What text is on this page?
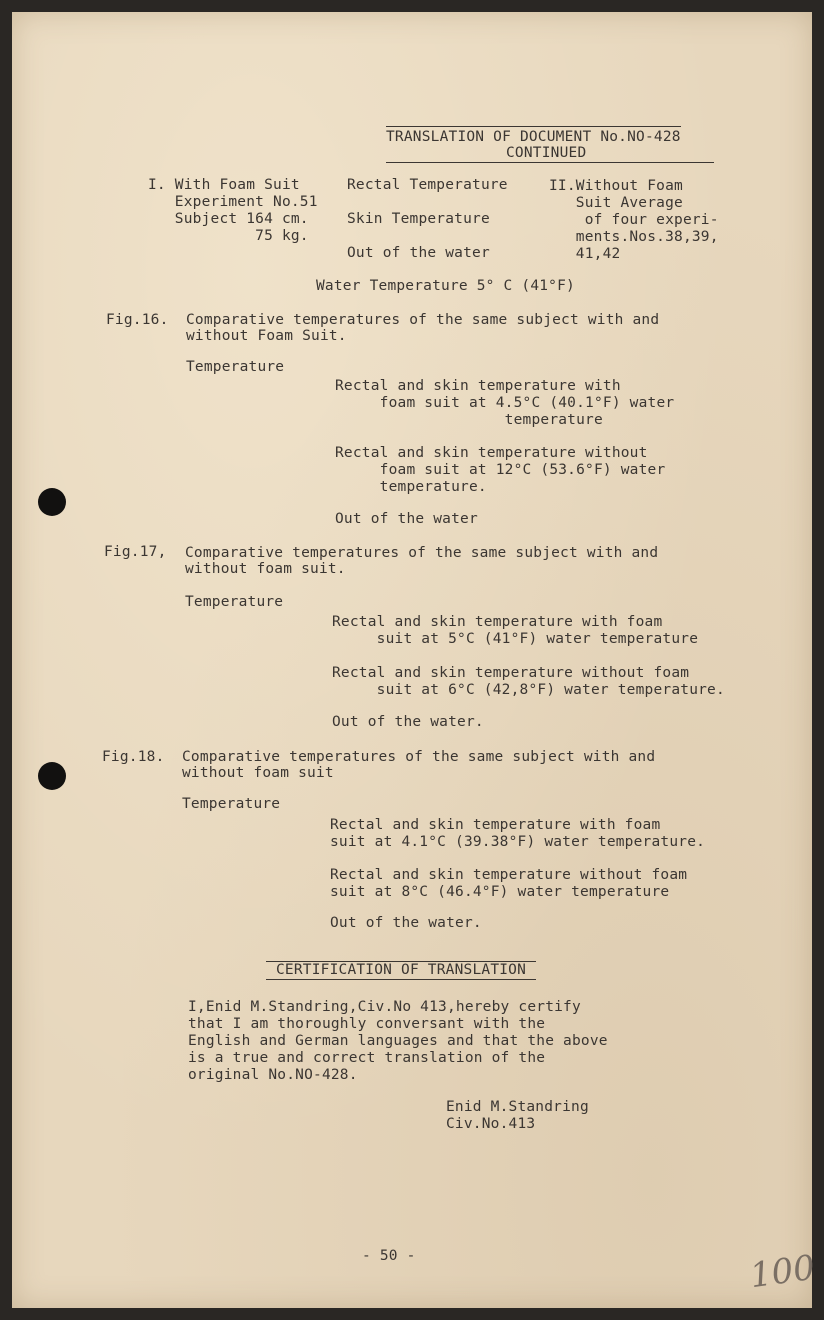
TRANSLATION OF DOCUMENT No.NO-428
CONTINUED
I. With Foam Suit
Experiment No.51
Subject 164 cm.
75 kg.
Rectal Temperature
Skin Temperature
Out of the water
II.Without Foam
Suit Average
of four experi-
ments.Nos.38,39,
41,42
Water Temperature 5° C (41°F)
Fig.16. Comparative temperatures of the same subject with and
without Foam Suit.
Temperature
Rectal and skin temperature with
foam suit at 4.5°C (40.1°F) water
temperature
Rectal and skin temperature without
foam suit at 12°C (53.6°F) water
temperature.
Out of the water
Fig.17, Comparative temperatures of the same subject with and
without foam suit.
Temperature
Rectal and skin temperature with foam
suit at 5°C (41°F) water temperature
Rectal and skin temperature without foam
suit at 6°C (42,8°F) water temperature.
Out of the water.
Fig.18. Comparative temperatures of the same subject with and
without foam suit
Temperature
Rectal and skin temperature with foam
suit at 4.1°C (39.38°F) water temperature.
Rectal and skin temperature without foam
suit at 8°C (46.4°F) water temperature
Out of the water.
CERTIFICATION OF TRANSLATION
I,Enid M.Standring,Civ.No 413,hereby certify
that I am thoroughly conversant with the
English and German languages and that the above
is a true and correct translation of the
original No.NO-428.
Enid M.Standring
Civ.No.413
- 50 -	100
